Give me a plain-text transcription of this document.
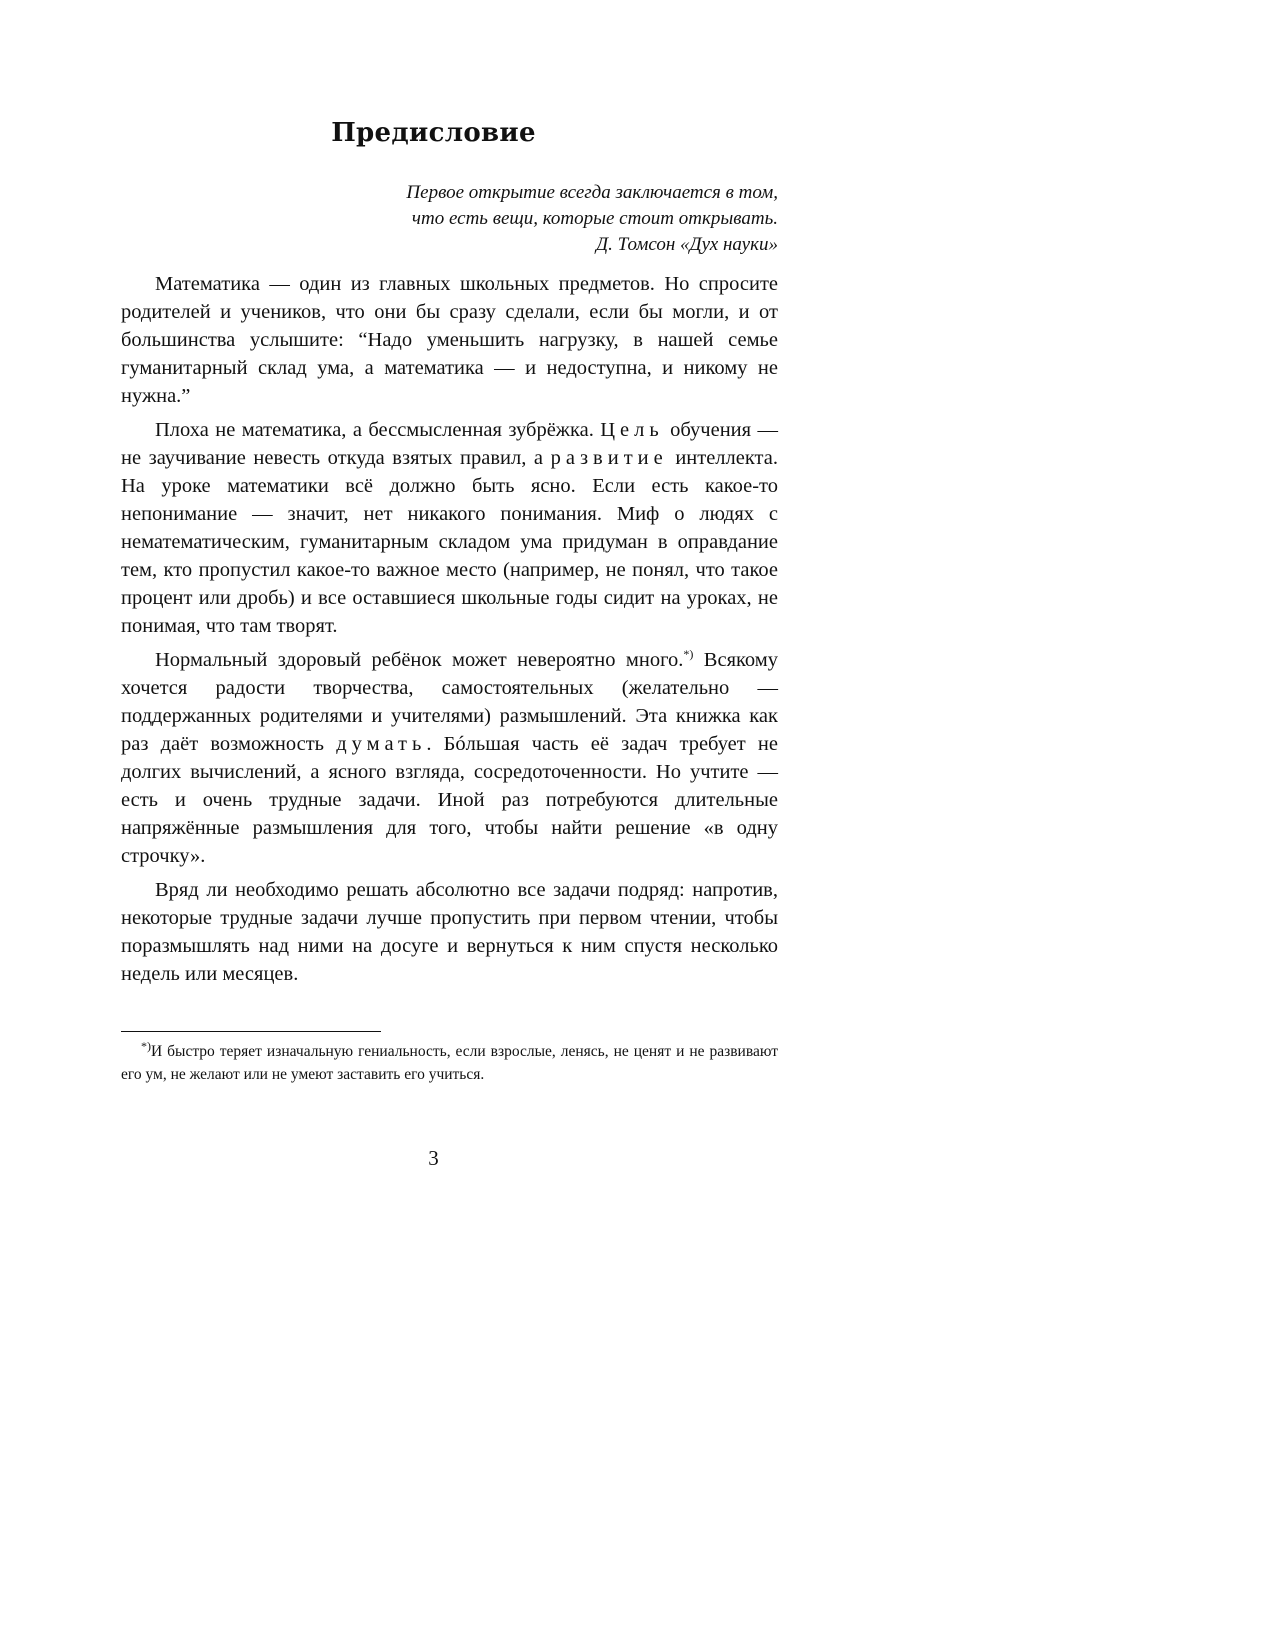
Предисловие
Первое открытие всегда заключается в том,
что есть вещи, которые стоит открывать.
Д. Томсон «Дух науки»

Математика — один из главных школьных предметов. Но спросите родителей и учеников, что они бы сразу сделали, если бы могли, и от большинства услышите: “Надо уменьшить нагрузку, в нашей семье гуманитарный склад ума, а математика — и недоступна, и никому не нужна.”

Плоха не математика, а бессмысленная зубрёжка. Цель обучения — не заучивание невесть откуда взятых правил, а развитие интеллекта. На уроке математики всё должно быть ясно. Если есть какое-то непонимание — значит, нет никакого понимания. Миф о людях с нематематическим, гуманитарным складом ума придуман в оправдание тем, кто пропустил какое-то важное место (например, не понял, что такое процент или дробь) и все оставшиеся школьные годы сидит на уроках, не понимая, что там творят.

Нормальный здоровый ребёнок может невероятно много.*) Всякому хочется радости творчества, самостоятельных (желательно — поддержанных родителями и учителями) размышлений. Эта книжка как раз даёт возможность думать. Бóльшая часть её задач требует не долгих вычислений, а ясного взгляда, сосредоточенности. Но учтите — есть и очень трудные задачи. Иной раз потребуются длительные напряжённые размышления для того, чтобы найти решение «в одну строчку».

Вряд ли необходимо решать абсолютно все задачи подряд: напротив, некоторые трудные задачи лучше пропустить при первом чтении, чтобы поразмышлять над ними на досуге и вернуться к ним спустя несколько недель или месяцев.

*)И быстро теряет изначальную гениальность, если взрослые, ленясь, не ценят и не развивают его ум, не желают или не умеют заставить его учиться.

3
